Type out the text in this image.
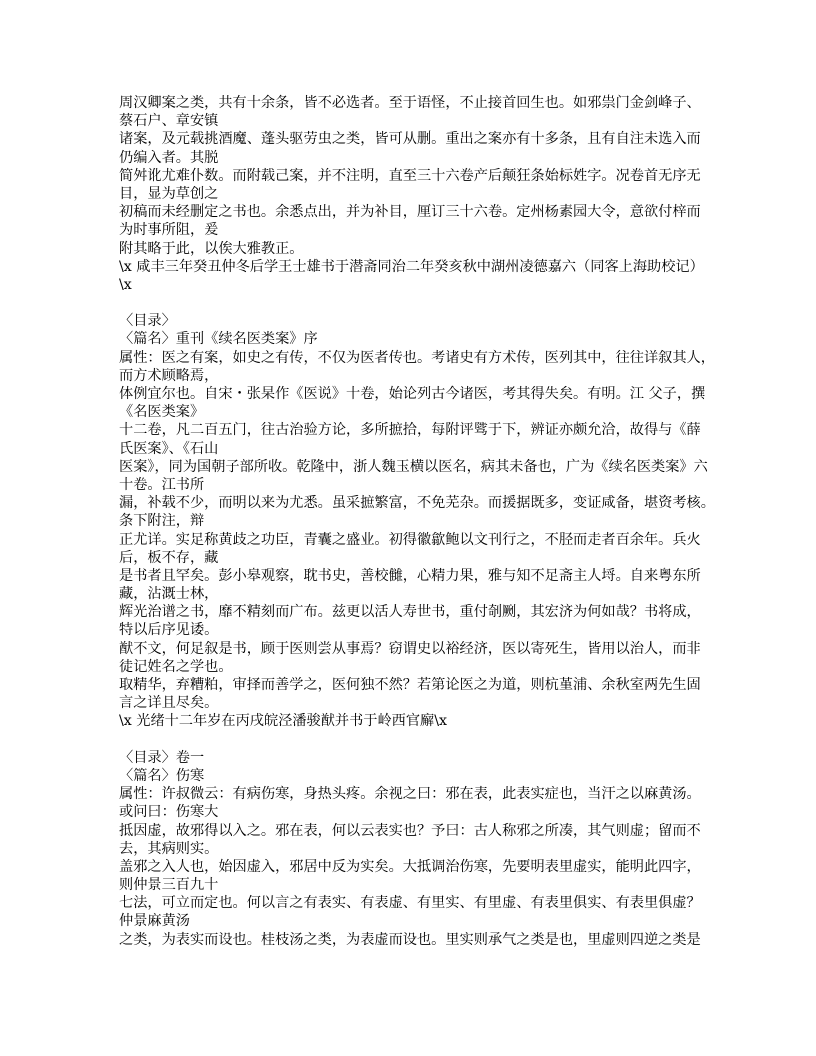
周汉卿案之类，共有十余条，皆不必选者。至于语怪，不止接首回生也。如邪祟门金剑峰子、
蔡石户、章安镇
诸案，及元载挑酒魔、蓬头驱劳虫之类，皆可从删。重出之案亦有十多条，且有自注未选入而
仍编入者。其脱
简舛讹尤难仆数。而附载己案，并不注明，直至三十六卷产后颠狂条始标姓字。况卷首无序无
目，显为草创之
初稿而未经删定之书也。余悉点出，并为补目，厘订三十六卷。定州杨素园大令，意欲付梓而
为时事所阻，爰
附其略于此，以俟大雅教正。
\x 咸丰三年癸丑仲冬后学王士雄书于潜斋同治二年癸亥秋中湖州凌德嘉六（同客上海助校记）
\x
〈目录〉
〈篇名〉重刊《续名医类案》序
属性：医之有案，如史之有传，不仅为医者传也。考诸史有方术传，医列其中，往往详叙其人，
而方术顾略焉，
体例宜尔也。自宋・张杲作《医说》十卷，始论列古今诸医，考其得失矣。有明。江 父子，撰
《名医类案》
十二卷，凡二百五门，往古治验方论，多所摭拾，每附评骘于下，辨证亦颇允洽，故得与《薛
氏医案》、《石山
医案》，同为国朝子部所收。乾隆中，浙人魏玉横以医名，病其未备也，广为《续名医类案》六
十卷。江书所
漏，补载不少，而明以来为尤悉。虽采摭繁富，不免芜杂。而援据既多，变证咸备，堪资考核。
条下附注，辩
正尤详。实足称黄歧之功臣，青囊之盛业。初得徽歙鲍以文刊行之，不胫而走者百余年。兵火
后，板不存，藏
是书者且罕矣。彭小皋观察，耽书史，善校雠，心精力果，雅与知不足斋主人埒。自来粤东所
藏，沾溉士林，
辉光治谱之书，靡不精刻而广布。兹更以活人寿世书，重付剞劂，其宏济为何如哉？书将成，
特以后序见诿。
猷不文，何足叙是书，顾于医则尝从事焉？窃谓史以裕经济，医以寄死生，皆用以治人，而非
徒记姓名之学也。
取精华，弃糟粕，审择而善学之，医何独不然？若第论医之为道，则杭堇浦、余秋室两先生固
言之详且尽矣。
\x 光绪十二年岁在丙戌皖泾潘骏猷并书于岭西官廨\x
〈目录〉卷一
〈篇名〉伤寒
属性：许叔微云：有病伤寒，身热头疼。余视之曰：邪在表，此表实症也，当汗之以麻黄汤。
或问曰：伤寒大
抵因虚，故邪得以入之。邪在表，何以云表实也？予曰：古人称邪之所凑，其气则虚；留而不
去，其病则实。
盖邪之入人也，始因虚入，邪居中反为实矣。大抵调治伤寒，先要明表里虚实，能明此四字，
则仲景三百九十
七法，可立而定也。何以言之有表实、有表虚、有里实、有里虚、有表里俱实、有表里俱虚？
仲景麻黄汤
之类，为表实而设也。桂枝汤之类，为表虚而设也。里实则承气之类是也，里虚则四逆之类是
